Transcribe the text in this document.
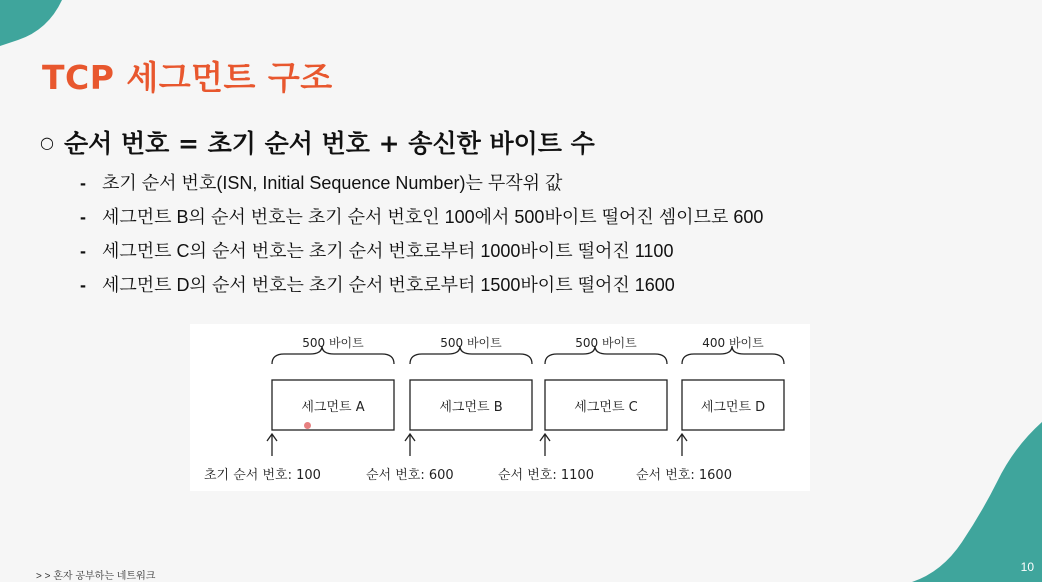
TCP 세그먼트 구조
○ 순서 번호 = 초기 순서 번호 + 송신한 바이트 수
- 초기 순서 번호(ISN, Initial Sequence Number)는 무작위 값
- 세그먼트 B의 순서 번호는 초기 순서 번호인 100에서 500바이트 떨어진 셈이므로 600
- 세그먼트 C의 순서 번호는 초기 순서 번호로부터 1000바이트 떨어진 1100
- 세그먼트 D의 순서 번호는 초기 순서 번호로부터 1500바이트 떨어진 1600
500 바이트
세그먼트 A
초기 순서 번호: 100
500 바이트
세그먼트 B
순서 번호: 600
500 바이트
세그먼트 C
순서 번호: 1100
400 바이트
세그먼트 D
순서 번호: 1600
> > 혼자 공부하는 네트워크
10
